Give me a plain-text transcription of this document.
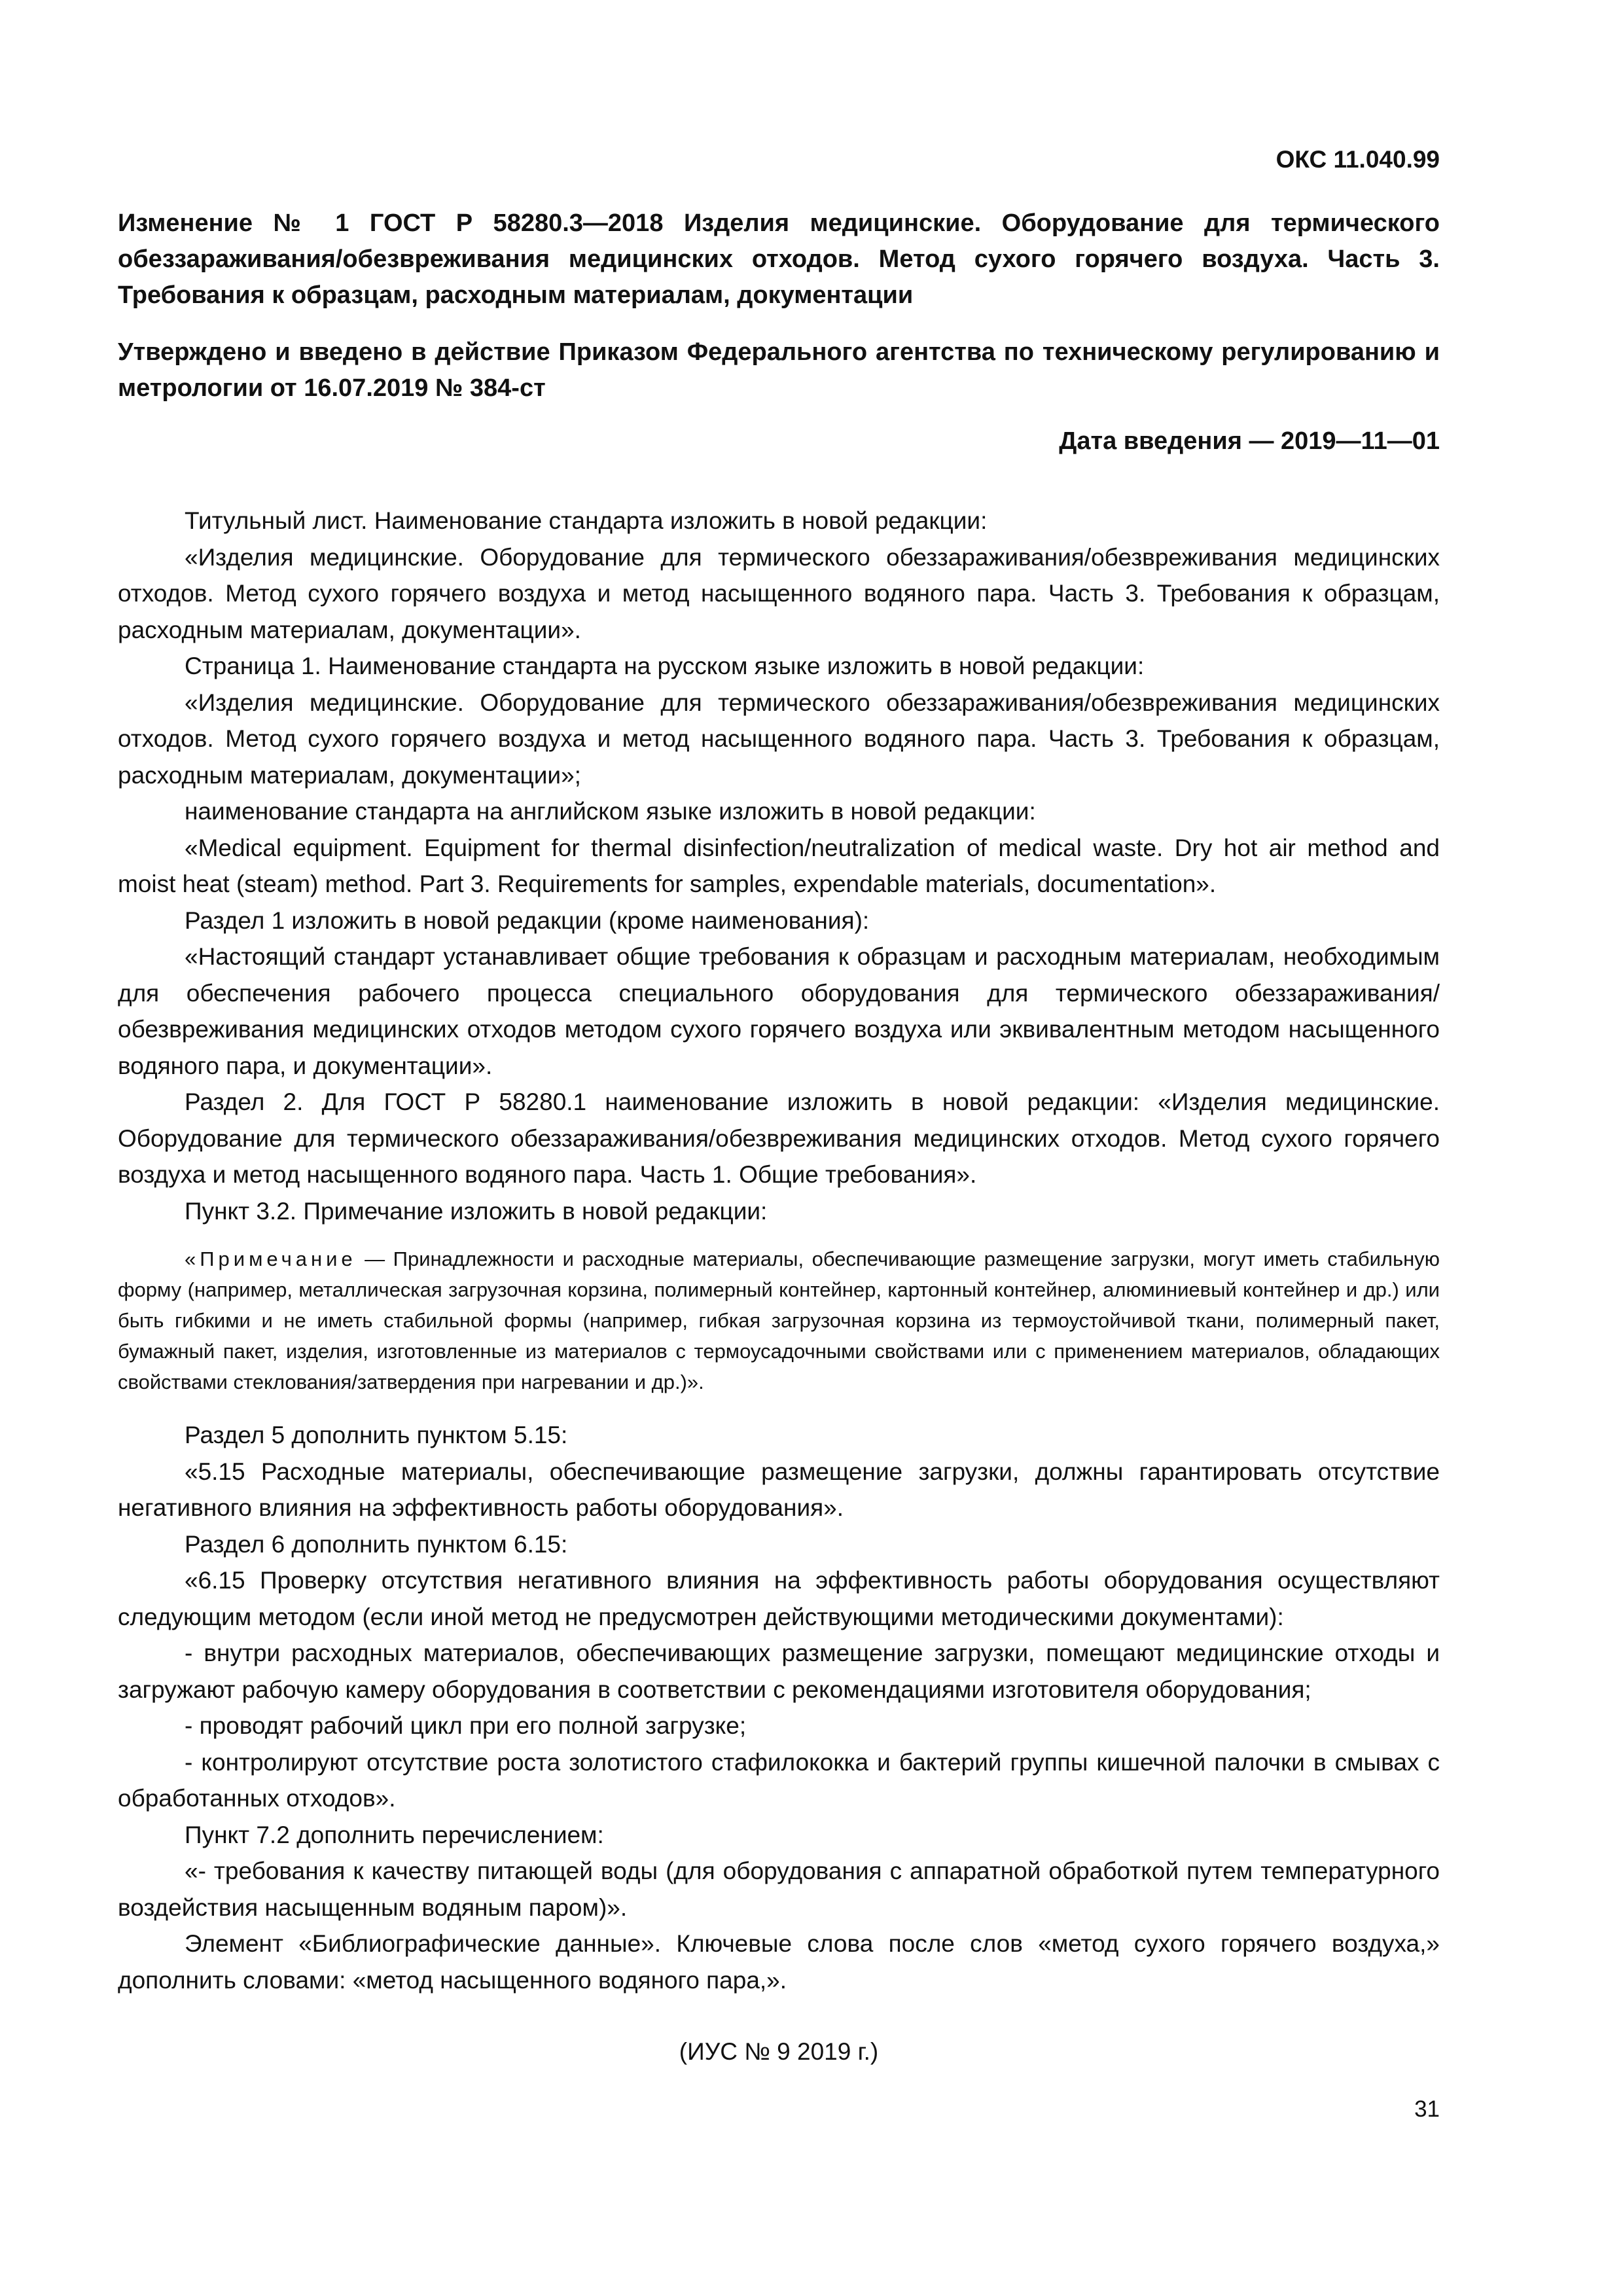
ОКС 11.040.99
Изменение № 1 ГОСТ Р 58280.3—2018 Изделия медицинские. Оборудование для термического обеззараживания/обезвреживания медицинских отходов. Метод сухого горячего воздуха. Часть 3. Требования к образцам, расходным материалам, документации
Утверждено и введено в действие Приказом Федерального агентства по техническому регулированию и метрологии от 16.07.2019 № 384-ст
Дата введения — 2019—11—01

Титульный лист. Наименование стандарта изложить в новой редакции:

«Изделия медицинские. Оборудование для термического обеззараживания/обезвреживания медицинских отходов. Метод сухого горячего воздуха и метод насыщенного водяного пара. Часть 3. Требования к образцам, расходным материалам, документации».

Страница 1. Наименование стандарта на русском языке изложить в новой редакции:

«Изделия медицинские. Оборудование для термического обеззараживания/обезвреживания медицинских отходов. Метод сухого горячего воздуха и метод насыщенного водяного пара. Часть 3. Требования к образцам, расходным материалам, документации»;

наименование стандарта на английском языке изложить в новой редакции:

«Medical equipment. Equipment for thermal disinfection/neutralization of medical waste. Dry hot air method and moist heat (steam) method. Part 3. Requirements for samples, expendable materials, documentation».

Раздел 1 изложить в новой редакции (кроме наименования):

«Настоящий стандарт устанавливает общие требования к образцам и расходным материалам, необходимым для обеспечения рабочего процесса специального оборудования для термического обеззараживания/обезвреживания медицинских отходов методом сухого горячего воздуха или эквивалентным методом насыщенного водяного пара, и документации».

Раздел 2. Для ГОСТ Р 58280.1 наименование изложить в новой редакции: «Изделия медицинские. Оборудование для термического обеззараживания/обезвреживания медицинских отходов. Метод сухого горячего воздуха и метод насыщенного водяного пара. Часть 1. Общие требования».

Пункт 3.2. Примечание изложить в новой редакции:

«Примечание — Принадлежности и расходные материалы, обеспечивающие размещение загрузки, могут иметь стабильную форму (например, металлическая загрузочная корзина, полимерный контейнер, картонный контейнер, алюминиевый контейнер и др.) или быть гибкими и не иметь стабильной формы (например, гибкая загрузочная корзина из термоустойчивой ткани, полимерный пакет, бумажный пакет, изделия, изготовленные из материалов с термоусадочными свойствами или с применением материалов, обладающих свойствами стеклования/затвердения при нагревании и др.)».

Раздел 5 дополнить пунктом 5.15:

«5.15 Расходные материалы, обеспечивающие размещение загрузки, должны гарантировать отсутствие негативного влияния на эффективность работы оборудования».

Раздел 6 дополнить пунктом 6.15:

«6.15 Проверку отсутствия негативного влияния на эффективность работы оборудования осуществляют следующим методом (если иной метод не предусмотрен действующими методическими документами):

- внутри расходных материалов, обеспечивающих размещение загрузки, помещают медицинские отходы и загружают рабочую камеру оборудования в соответствии с рекомендациями изготовителя оборудования;

- проводят рабочий цикл при его полной загрузке;

- контролируют отсутствие роста золотистого стафилококка и бактерий группы кишечной палочки в смывах с обработанных отходов».

Пункт 7.2 дополнить перечислением:

«- требования к качеству питающей воды (для оборудования с аппаратной обработкой путем температурного воздействия насыщенным водяным паром)».

Элемент «Библиографические данные». Ключевые слова после слов «метод сухого горячего воздуха,» дополнить словами: «метод насыщенного водяного пара,».

(ИУС № 9 2019 г.)
31
